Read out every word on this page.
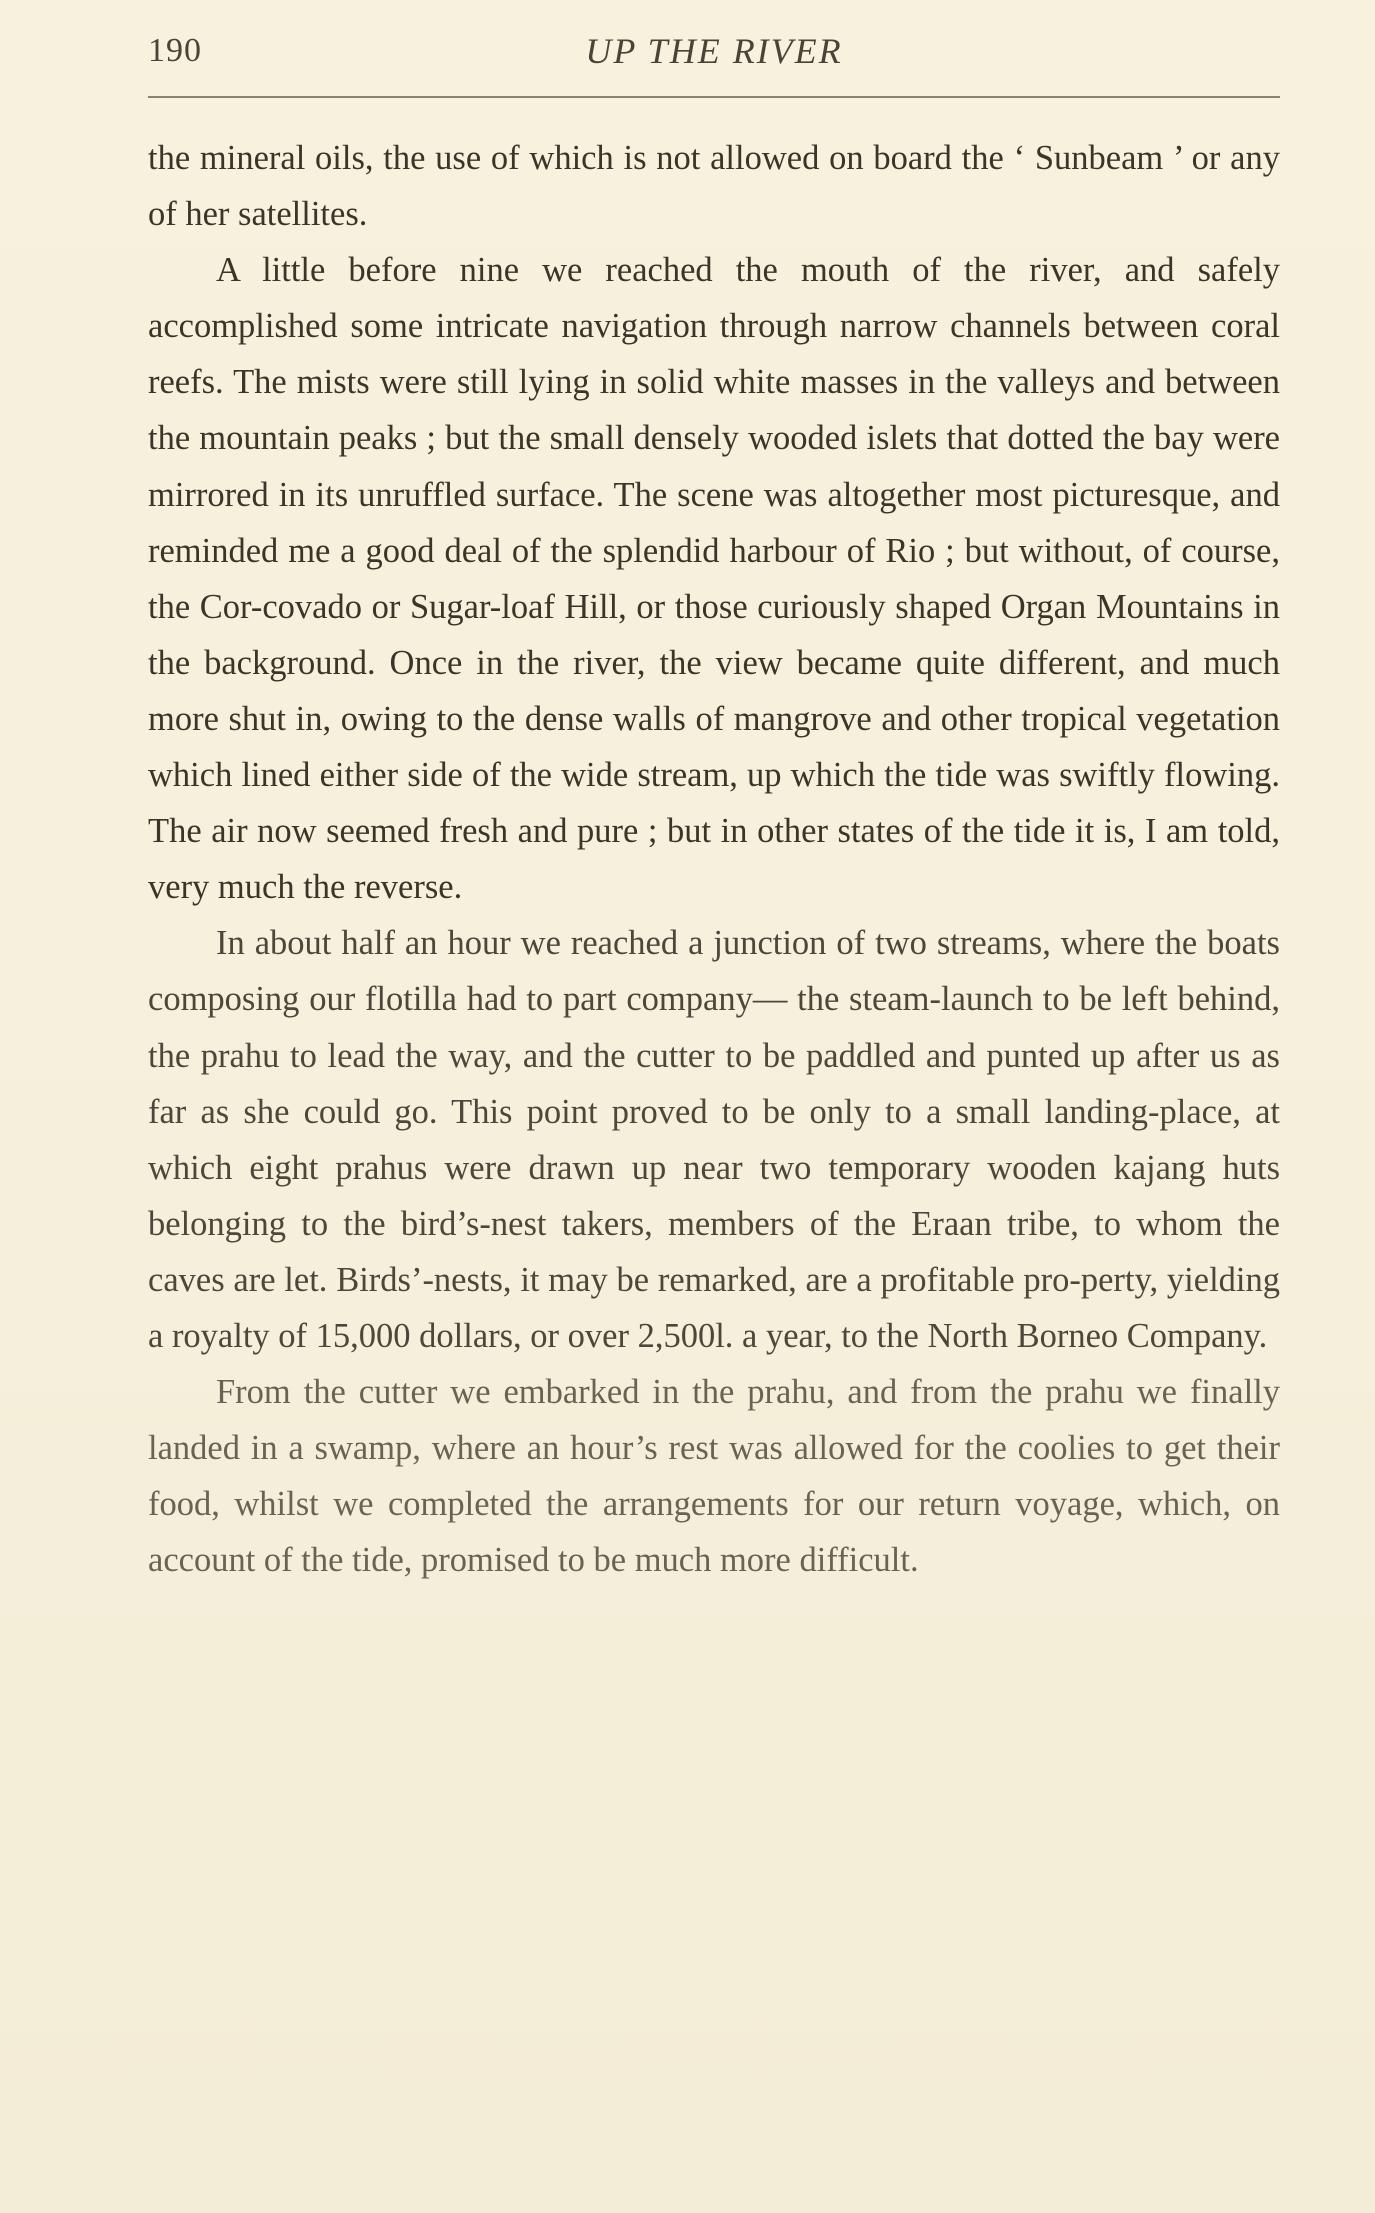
190	UP THE RIVER

the mineral oils, the use of which is not allowed on board the ‘ Sunbeam ’ or any of her satellites.

A little before nine we reached the mouth of the river, and safely accomplished some intricate navigation through narrow channels between coral reefs. The mists were still lying in solid white masses in the valleys and between the mountain peaks ; but the small densely wooded islets that dotted the bay were mirrored in its unruffled surface. The scene was altogether most picturesque, and reminded me a good deal of the splendid harbour of Rio ; but without, of course, the Cor-covado or Sugar-loaf Hill, or those curiously shaped Organ Mountains in the background. Once in the river, the view became quite different, and much more shut in, owing to the dense walls of mangrove and other tropical vegetation which lined either side of the wide stream, up which the tide was swiftly flowing. The air now seemed fresh and pure ; but in other states of the tide it is, I am told, very much the reverse.

In about half an hour we reached a junction of two streams, where the boats composing our flotilla had to part company— the steam-launch to be left behind, the prahu to lead the way, and the cutter to be paddled and punted up after us as far as she could go. This point proved to be only to a small landing-place, at which eight prahus were drawn up near two temporary wooden kajang huts belonging to the bird’s-nest takers, members of the Eraan tribe, to whom the caves are let. Birds’-nests, it may be remarked, are a profitable pro-perty, yielding a royalty of 15,000 dollars, or over 2,500l. a year, to the North Borneo Company.

From the cutter we embarked in the prahu, and from the prahu we finally landed in a swamp, where an hour’s rest was allowed for the coolies to get their food, whilst we completed the arrangements for our return voyage, which, on account of the tide, promised to be much more difficult.
